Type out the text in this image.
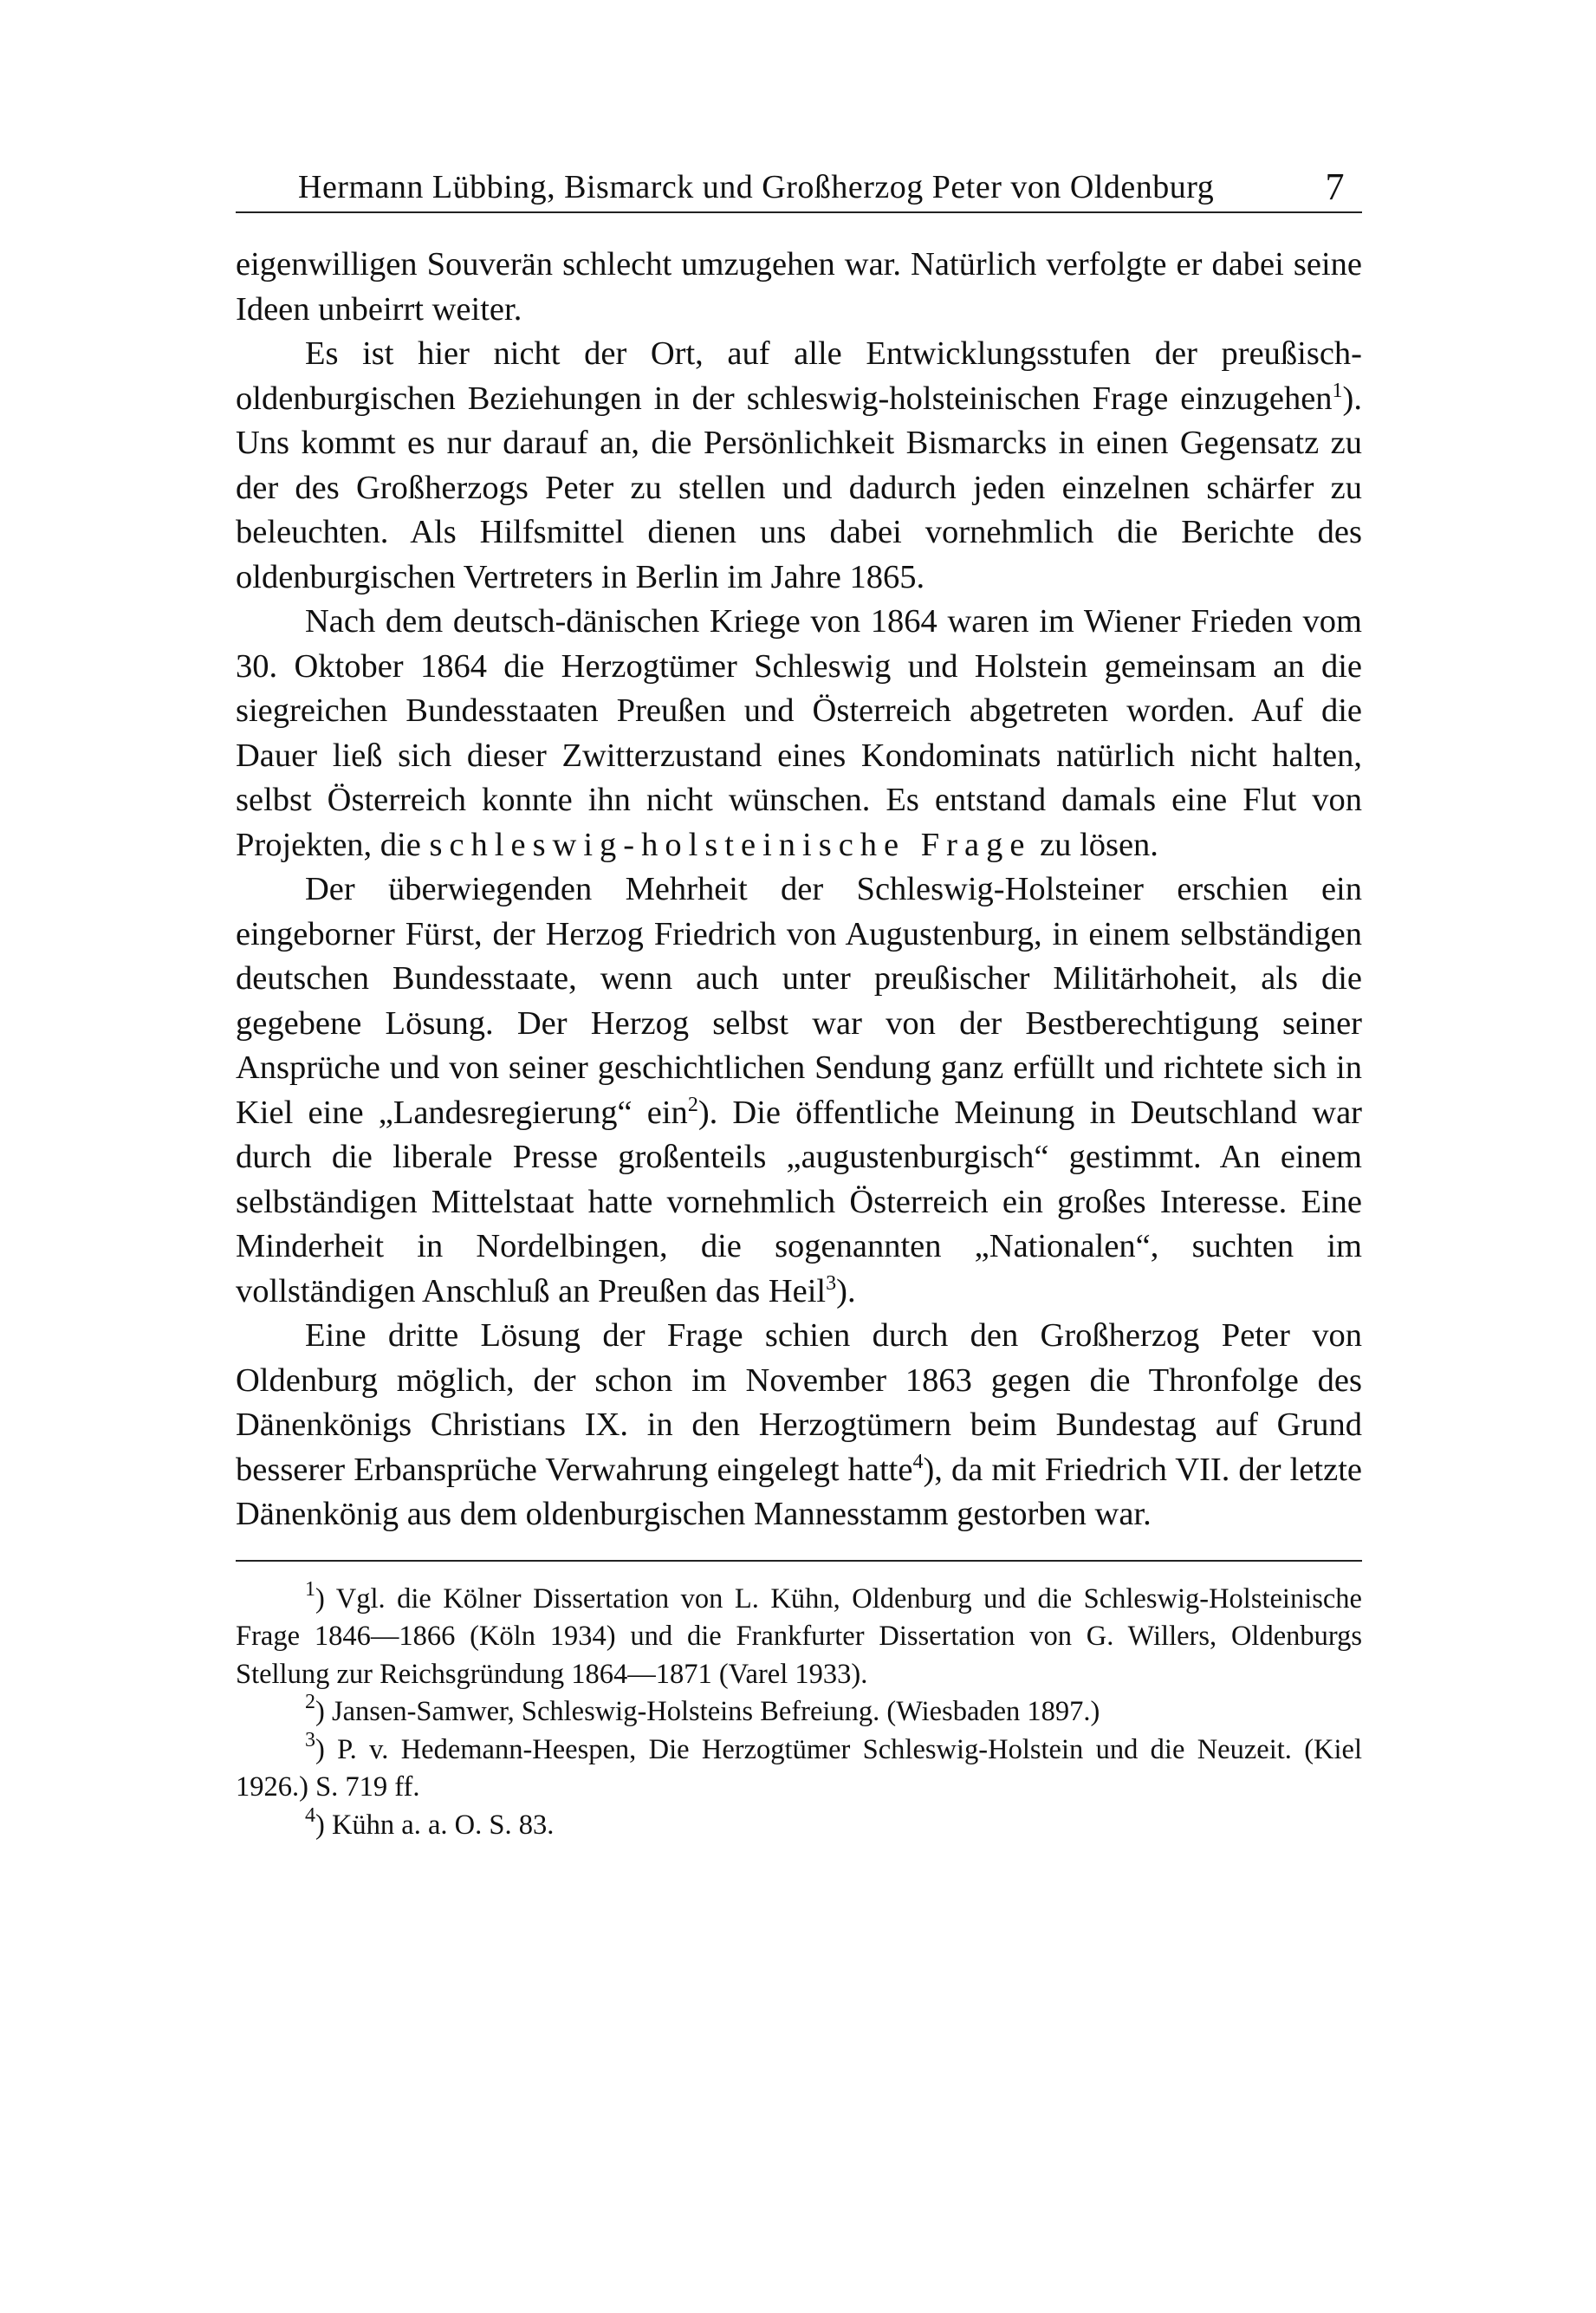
Hermann Lübbing, Bismarck und Großherzog Peter von Oldenburg	7

eigenwilligen Souverän schlecht umzugehen war. Natürlich verfolgte er dabei seine Ideen unbeirrt weiter.

Es ist hier nicht der Ort, auf alle Entwicklungsstufen der preußisch-oldenburgischen Beziehungen in der schleswig-holsteinischen Frage einzugehen$^1$). Uns kommt es nur darauf an, die Persönlichkeit Bismarcks in einen Gegensatz zu der des Großherzogs Peter zu stellen und dadurch jeden einzelnen schärfer zu beleuchten. Als Hilfsmittel dienen uns dabei vornehmlich die Berichte des oldenburgischen Vertreters in Berlin im Jahre 1865.

Nach dem deutsch-dänischen Kriege von 1864 waren im Wiener Frieden vom 30. Oktober 1864 die Herzogtümer Schleswig und Holstein gemeinsam an die siegreichen Bundesstaaten Preußen und Österreich abgetreten worden. Auf die Dauer ließ sich dieser Zwitterzustand eines Kondominats natürlich nicht halten, selbst Österreich konnte ihn nicht wünschen. Es entstand damals eine Flut von Projekten, die schleswig-holsteinische Frage zu lösen.

Der überwiegenden Mehrheit der Schleswig-Holsteiner erschien ein eingeborner Fürst, der Herzog Friedrich von Augustenburg, in einem selbständigen deutschen Bundesstaate, wenn auch unter preußischer Militärhoheit, als die gegebene Lösung. Der Herzog selbst war von der Bestberechtigung seiner Ansprüche und von seiner geschichtlichen Sendung ganz erfüllt und richtete sich in Kiel eine „Landesregierung“ ein$^2$). Die öffentliche Meinung in Deutschland war durch die liberale Presse großenteils „augustenburgisch“ gestimmt. An einem selbständigen Mittelstaat hatte vornehmlich Österreich ein großes Interesse. Eine Minderheit in Nordelbingen, die sogenannten „Nationalen“, suchten im vollständigen Anschluß an Preußen das Heil$^3$).

Eine dritte Lösung der Frage schien durch den Großherzog Peter von Oldenburg möglich, der schon im November 1863 gegen die Thronfolge des Dänenkönigs Christians IX. in den Herzogtümern beim Bundestag auf Grund besserer Erbansprüche Verwahrung eingelegt hatte$^4$), da mit Friedrich VII. der letzte Dänenkönig aus dem oldenburgischen Mannesstamm gestorben war.

$^1$) Vgl. die Kölner Dissertation von L. Kühn, Oldenburg und die Schleswig-Holsteinische Frage 1846—1866 (Köln 1934) und die Frankfurter Dissertation von G. Willers, Oldenburgs Stellung zur Reichsgründung 1864—1871 (Varel 1933).

$^2$) Jansen-Samwer, Schleswig-Holsteins Befreiung. (Wiesbaden 1897.)

$^3$) P. v. Hedemann-Heespen, Die Herzogtümer Schleswig-Holstein und die Neuzeit. (Kiel 1926.) S. 719 ff.

$^4$) Kühn a. a. O. S. 83.
